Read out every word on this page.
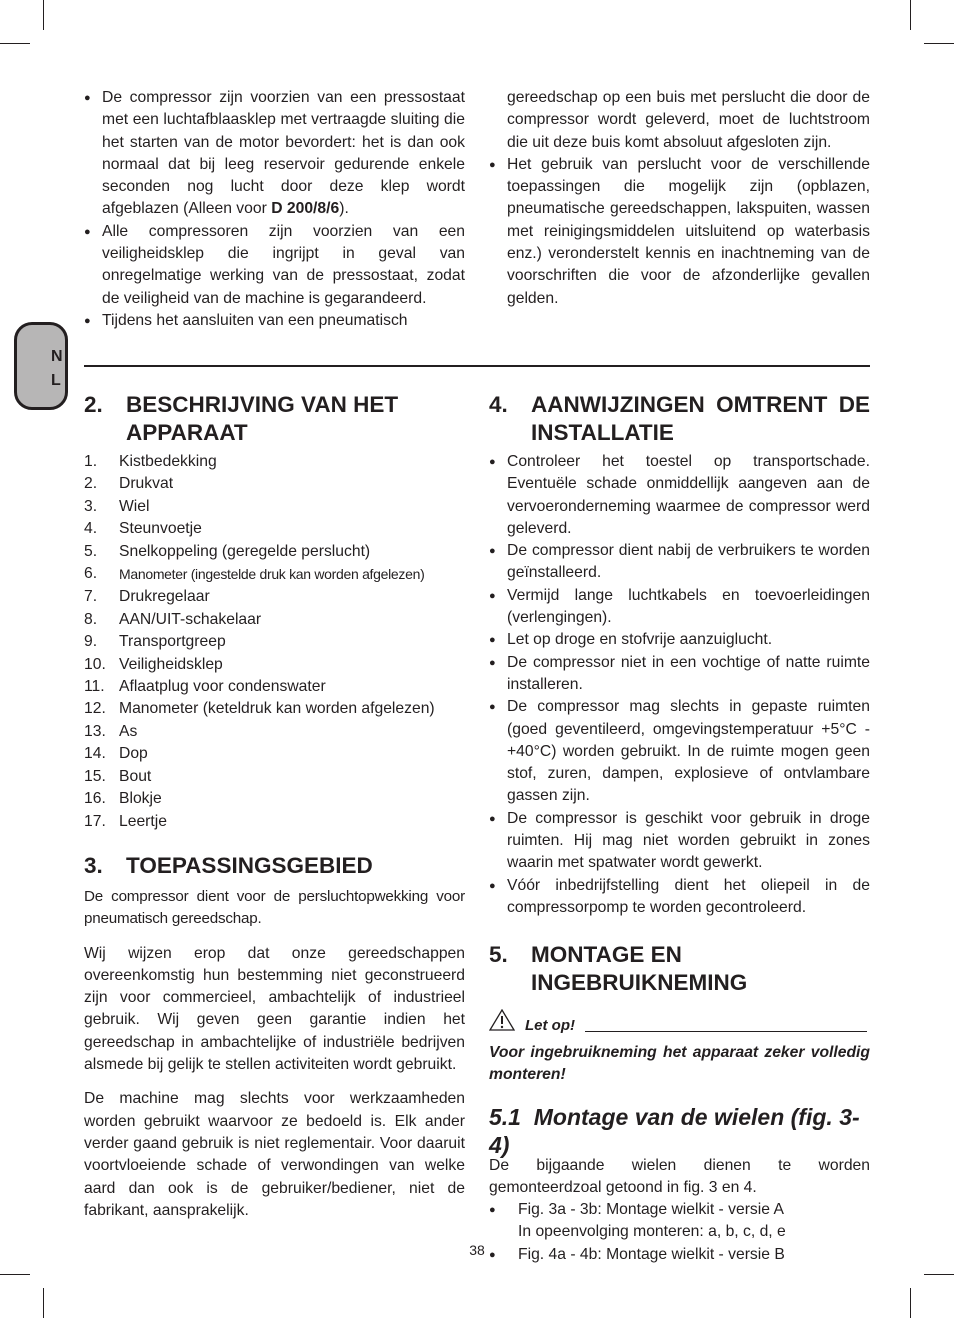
N
L
● De compressor zijn voorzien van een pressostaat met een luchtafblaasklep met vertraagde sluiting die het starten van de motor bevordert: het is dan ook normaal dat bij leeg reservoir gedurende enkele seconden nog lucht door deze klep wordt afgeblazen (Alleen voor D 200/8/6).
● Alle compressoren zijn voorzien van een veiligheidsklep die ingrijpt in geval van onregelmatige werking van de pressostaat, zodat de veiligheid van de machine is gegarandeerd.
● Tijdens het aansluiten van een pneumatisch
gereedschap op een buis met perslucht die door de compressor wordt geleverd, moet de luchtstroom die uit deze buis komt absoluut afgesloten zijn.
● Het gebruik van perslucht voor de verschillende toepassingen die mogelijk zijn (opblazen, pneumatische gereedschappen, lakspuiten, wassen met reinigingsmiddelen uitsluitend op waterbasis enz.) veronderstelt kennis en inachtneming van de voorschriften die voor de afzonderlijke gevallen gelden.
2. BESCHRIJVING VAN HET APPARAAT
1. Kistbedekking
2. Drukvat
3. Wiel
4. Steunvoetje
5. Snelkoppeling (geregelde perslucht)
6. Manometer (ingestelde druk kan worden afgelezen)
7. Drukregelaar
8. AAN/UIT-schakelaar
9. Transportgreep
10. Veiligheidsklep
11. Aflaatplug voor condenswater
12. Manometer (keteldruk kan worden afgelezen)
13. As
14. Dop
15. Bout
16. Blokje
17. Leertje
3. TOEPASSINGSGEBIED

De compressor dient voor de persluchtopwekking voor pneumatisch gereedschap.

Wij wijzen erop dat onze gereedschappen overeenkomstig hun bestemming niet geconstrueerd zijn voor commercieel, ambachtelijk of industrieel gebruik. Wij geven geen garantie indien het gereedschap in ambachtelijke of industriële bedrijven alsmede bij gelijk te stellen activiteiten wordt gebruikt.

De machine mag slechts voor werkzaamheden worden gebruikt waarvoor ze bedoeld is. Elk ander verder gaand gebruik is niet reglementair. Voor daaruit voortvloeiende schade of verwondingen van welke aard dan ook is de gebruiker/bediener, niet de fabrikant, aansprakelijk.

4. AANWIJZINGEN OMTRENT DE INSTALLATIE
● Controleer het toestel op transportschade. Eventuële schade onmiddellijk aangeven aan de vervoeronderneming waarmee de compressor werd geleverd.
● De compressor dient nabij de verbruikers te worden geïnstalleerd.
● Vermijd lange luchtkabels en toevoerleidingen (verlengingen).
● Let op droge en stofvrije aanzuiglucht.
● De compressor niet in een vochtige of natte ruimte installeren.
● De compressor mag slechts in gepaste ruimten (goed geventileerd, omgevingstemperatuur +5°C - +40°C) worden gebruikt. In de ruimte mogen geen stof, zuren, dampen, explosieve of ontvlambare gassen zijn.
● De compressor is geschikt voor gebruik in droge ruimten. Hij mag niet worden gebruikt in zones waarin met spatwater wordt gewerkt.
● Vóór inbedrijfstelling dient het oliepeil in de compressorpomp te worden gecontroleerd.
5. MONTAGE EN INGEBRUIKNEMING
Let op!

Voor ingebruikneming het apparaat zeker volledig monteren!

5.1 Montage van de wielen (fig. 3-4)

De bijgaande wielen dienen te worden gemonteerdzoal getoond in fig. 3 en 4.

● Fig. 3a - 3b: Montage wielkit - versie A
In opeenvolging monteren: a, b, c, d, e
● Fig. 4a - 4b: Montage wielkit - versie B
38
